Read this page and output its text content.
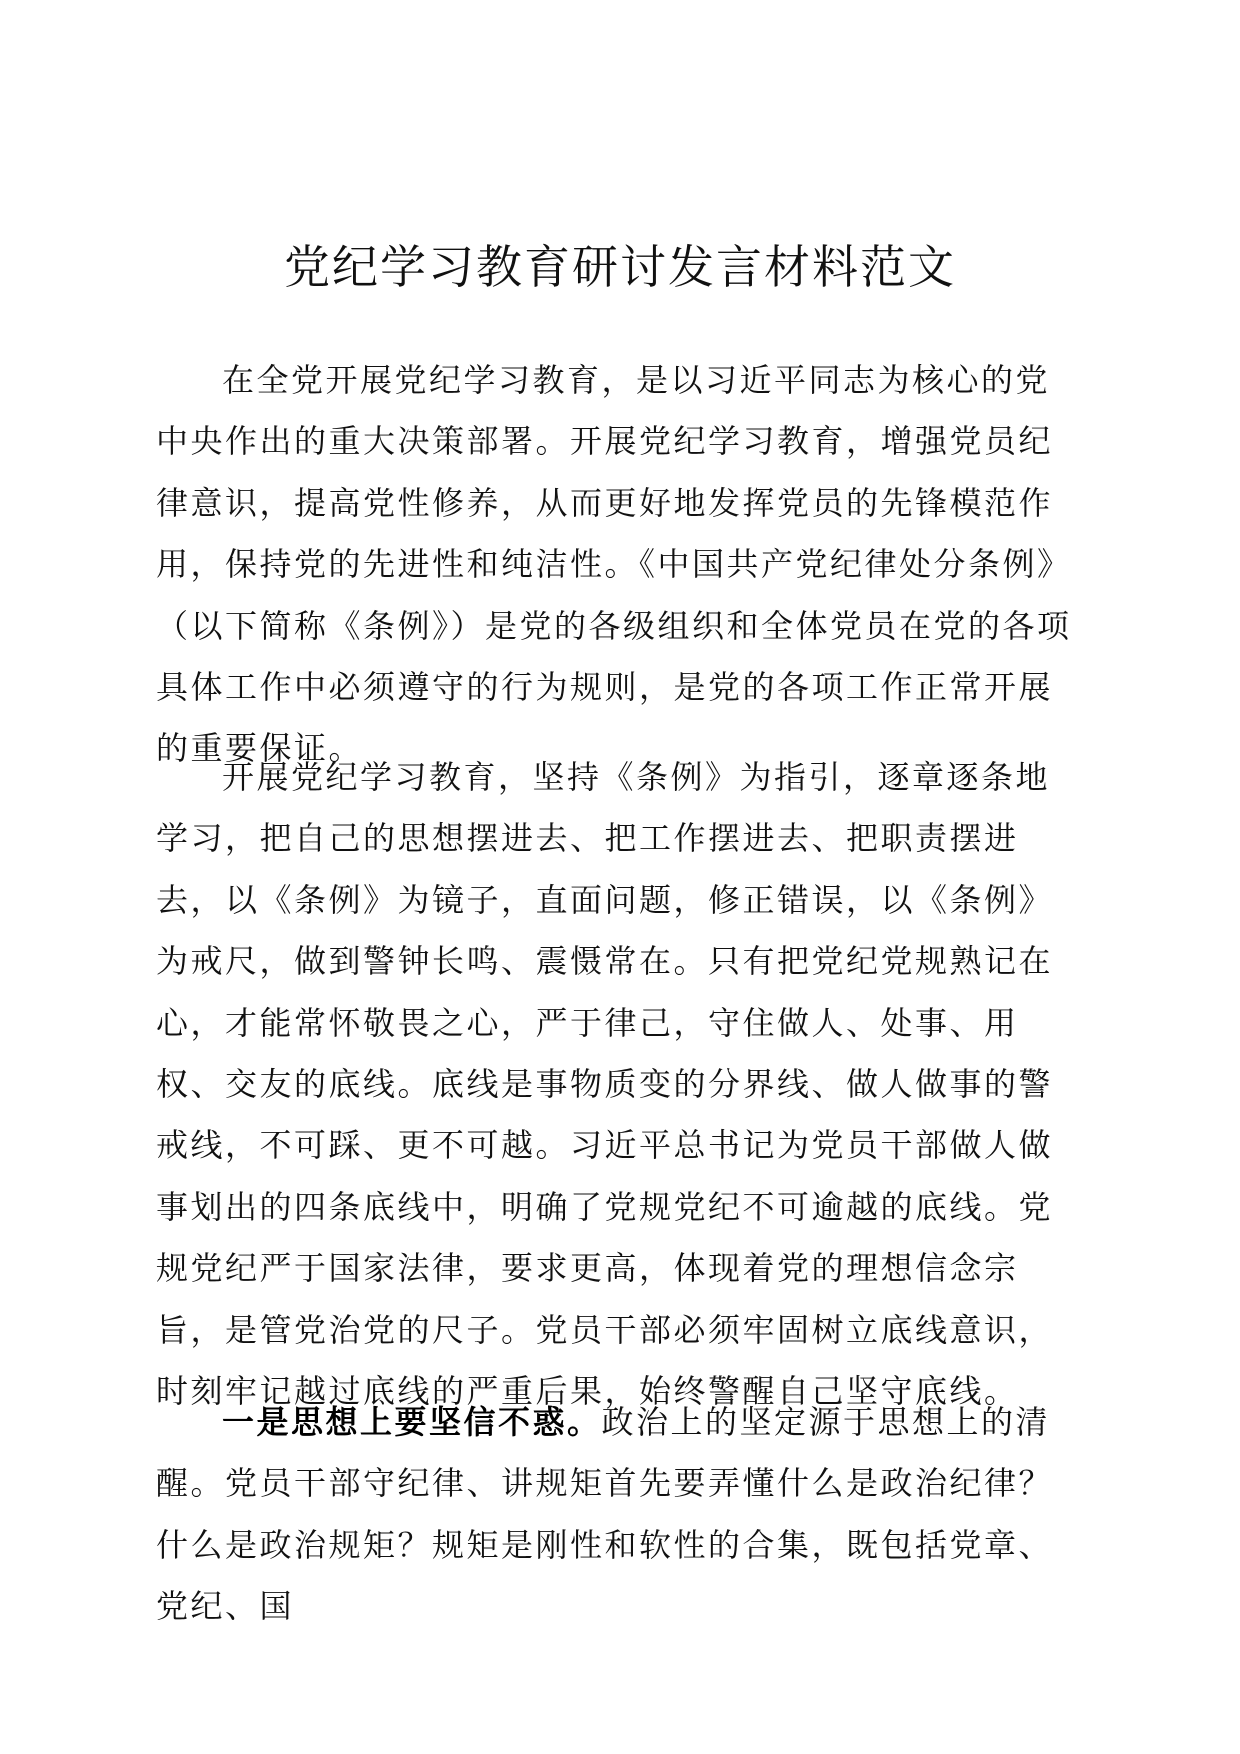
党纪学习教育研讨发言材料范文

在全党开展党纪学习教育，是以习近平同志为核心的党中央作出的重大决策部署。开展党纪学习教育，增强党员纪律意识，提高党性修养，从而更好地发挥党员的先锋模范作用，保持党的先进性和纯洁性。《中国共产党纪律处分条例》（以下简称《条例》）是党的各级组织和全体党员在党的各项具体工作中必须遵守的行为规则，是党的各项工作正常开展的重要保证。

开展党纪学习教育，坚持《条例》为指引，逐章逐条地学习，把自己的思想摆进去、把工作摆进去、把职责摆进去，以《条例》为镜子，直面问题，修正错误，以《条例》为戒尺，做到警钟长鸣、震慑常在。只有把党纪党规熟记在心，才能常怀敬畏之心，严于律己，守住做人、处事、用权、交友的底线。底线是事物质变的分界线、做人做事的警戒线，不可踩、更不可越。习近平总书记为党员干部做人做事划出的四条底线中，明确了党规党纪不可逾越的底线。党规党纪严于国家法律，要求更高，体现着党的理想信念宗旨，是管党治党的尺子。党员干部必须牢固树立底线意识，时刻牢记越过底线的严重后果，始终警醒自己坚守底线。

一是思想上要坚信不惑。政治上的坚定源于思想上的清醒。党员干部守纪律、讲规矩首先要弄懂什么是政治纪律？什么是政治规矩？规矩是刚性和软性的合集，既包括党章、党纪、国
